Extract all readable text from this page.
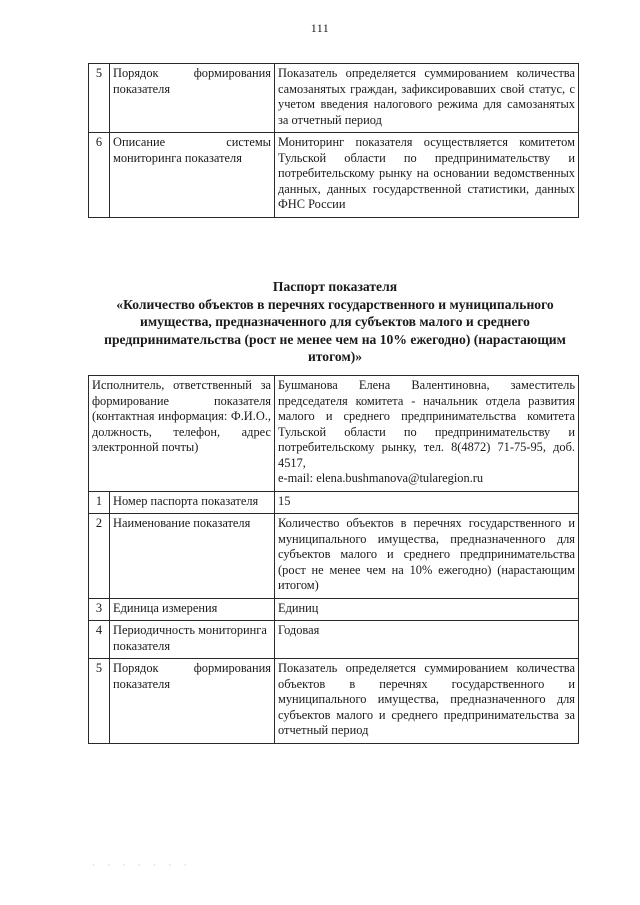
111
5	Порядок формирования показателя	Показатель определяется суммированием количества самозанятых граждан, зафиксировавших свой статус, с учетом введения налогового режима для самозанятых за отчетный период
6	Описание системы мониторинга показателя	Мониторинг показателя осуществляется комитетом Тульской области по предпринимательству и потребительскому рынку на основании ведомственных данных, данных государственной статистики, данных ФНС России
Паспорт показателя
«Количество объектов в перечнях государственного и муниципального имущества, предназначенного для субъектов малого и среднего предпринимательства (рост не менее чем на 10% ежегодно) (нарастающим итогом)»
Исполнитель, ответственный за формирование показателя (контактная информация: Ф.И.О., должность, телефон, адрес электронной почты)		Бушманова Елена Валентиновна, заместитель председателя комитета - начальник отдела развития малого и среднего предпринимательства комитета Тульской области по предпринимательству и потребительскому рынку, тел. 8(4872) 71-75-95, доб. 4517,
e-mail: elena.bushmanova@tularegion.ru

1	Номер паспорта показателя	15
2	Наименование показателя	Количество объектов в перечнях государственного и муниципального имущества, предназначенного для субъектов малого и среднего предпринимательства (рост не менее чем на 10% ежегодно) (нарастающим итогом)
3	Единица измерения	Единиц
4	Периодичность мониторинга показателя	Годовая
5	Порядок формирования показателя	Показатель определяется суммированием количества объектов в перечнях государственного и муниципального имущества, предназначенного для субъектов малого и среднего предпринимательства за отчетный период
· · · · · · ·
